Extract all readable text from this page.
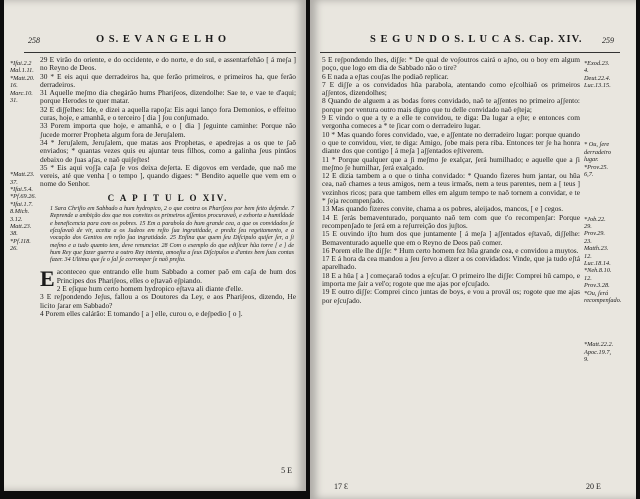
258	O S. E V A N G E L H O
*Ifai.2.2
Mal.1.11.
*Matt.20.
16.
Marc.10.
31.

*Matt.23.
37.
*Ifai.5.4.
*Pf.69.26.
*Ifai.1.7.
8.Mich.
3.12.
Matt.23.
38.
*Pf.118.
26.

29 E virão do oriente, e do occidente, e do norte, e do sul, e assentarfehão [ á meʃa ] no Reyno de Deos.

30 * E eis aqui que derradeiros ha, que ferão primeiros, e primeiros ha, que ferão derradeiros.

31 Aquelle meʃmo dia chegárão hums Phariʃeos, dizendolhe: Sae te, e vae te d'aqui; porque Herodes te quer matar.

32 E diʃʃelhes: Ide, e dizei a aquella rapoʃa: Eis aqui lanço fora Demonios, e effeituo curas, hoje, e amanhã, e o terceiro [ dia ] ʃou conʃumado.

33 Porem importa que hoje, e amanhã, e o [ dia ] ʃeguinte caminhe: Porque não ʃucede morrer Propheta algum fora de Jeruʃalem.

34 * Jeruʃalem, Jeruʃalem, que matas aos Prophetas, e apedrejas a os que te ʃaõ enviados; * quantas vezes quis eu ajuntar teus filhos, como a galinha ʃeus pintãos debaixo de ʃuas aʃas, e naõ quiʃeʃtes!

35 * Eis aqui voʃʃa caʃa ʃe vos deixa deʃerta. E digovos em verdade, que naõ me vereis, até que venha [ o tempo ], quando digaes: * Bendito aquelle que vem em o nome do Senhor.

C A P I T U L O XIV.
1 Sara Chriʃto em Sabbado a hum hydropico, 2 o que contra os Phariʃeos por bem feito defende. 7 Reprende a ambição dos que nos convites os primeiros aʃʃentos procuravaõ, e exhorta a humildade e beneficencia para com os pobres. 15 Em a parabola do hum grande cea, a que os convidados ʃe eʃcuʃavaõ de vir, aceita a os Judeos em reʃto ʃua ingratidade, e prediz ʃeu regeitamento, e a vocação dos Gentios em reʃto ʃua ingratidade. 25 Enʃina que quem ʃeu Diʃcipulo quiʃer ʃer, a ʃi meʃmo e a tudo quanto tem, deve renunciar. 28 Com o exemplo do que ediʃicar hũa torre [ e ] de hum Rey que fazer guerra a outro Rey intenta, amoeʃta a ʃeus Diʃcipulos a d'antes bem ʃuas contas fazer. 34 Ultima que ʃe o ʃal ʃe corromper ʃe naõ preʃta.

E aconteceo que entrando elle hum Sabbado a comer paõ em caʃa de hum dos Principes dos Phariʃeos, elles o eʃtavaõ eʃpiando.

2 E eʃique hum certo homem hydropico eʃtava ali diante d'elle.

3 E reʃpondendo Jeʃus, fallou a os Doutores da Ley, e aos Phariʃeos, dizendo, He licito ʃarar em Sabbado?

4 Porem elles calárão: E tomando [ a ] elle, curou o, e deʃpedio [ o ].

5 E
S E G U N D O S. L U C A S. Cap. XIV. 259

5 E reʃpondendo lhes, diʃʃe: * De qual de voʃoutros cairá o aʃno, ou o boy em algum poço, que logo em dia de Sabbado não o tire?

6 E nada a eʃtas couʃas lhe podiaõ replicar.

7 E diʃʃe a os convidados hũa parabola, atentando como eʃcolhiaõ os primeiros aʃʃentos, dizendolhes;

8 Quando de alguem a as bodas fores convidado, naõ te aʃʃentes no primeiro aʃʃento: porque por ventura outro mais digno que tu delle convidado naõ eʃteja;

9 E vindo o que a ty e a elle te convidou, te diga: Da lugar a eʃte; e entonces com vergonha comeces a * te ʃicar com o derradeiro lugar.

10 * Mas quando fores convidado, vae, e aʃʃentate no derradeiro lugar: porque quando o que te convidou, vier, te diga: Amigo, ʃobe mais pera riba. Entonces ter ʃe ha honra diante dos que contigo [ á meʃa ] aʃʃentados eʃtiverem.

11 * Porque qualquer que a ʃi meʃmo ʃe exalçar, ʃerá humilhado; e aquelle que a ʃi meʃmo ʃe humilhar, ʃerá exalçado.

12 E dizia tambem a o que o tinha convidado: * Quando fizeres hum jantar, ou hũa cea, naõ chames a teus amigos, nem a teus irmaõs, nem a teus parentes, nem a [ teus ] vezinhos ricos; para que tambem elles em algum tempo te naõ tornem a convidar, e te * ʃeja recompenʃado.

13 Mas quando fizeres convite, chama a os pobres, aleijados, mancos, [ e ] cegos.

14 E ʃerás bemaventurado, porquanto naõ tem com que t'o recompenʃar: Porque recompenʃado te ʃerá em a reʃurreição dos juʃtos.

15 E ouvindo iʃto hum dos que juntamente [ á meʃa ] aʃʃentados eʃtavaõ, diʃʃelhe: Bemaventurado aquelle que em o Reyno de Deos paõ comer.

16 Porem elle lhe diʃʃe: * Hum certo homem fez hũa grande cea, e convidou a muytos.

17 E á hora da cea mandou a ʃeu ʃervo a dizer a os convidados: Vinde, que ja tudo eʃtá aparelhado.

18 E a hũa [ a ] começaraõ todos a eʃcuʃar. O primeiro lhe diʃʃe: Comprei hũ campo, e importa me ʃair a vel'o; rogote que me ajas por eʃcuʃado.

19 E outro diʃʃe: Comprei cinco juntas de boys, e vou a provál os; rogote que me ajas por eʃcuʃado.

*Exod.23.
4.
Deut.22.4.
Luc.13.15.

* Ou, ʃere
derradeiro
lugar.
*Prov.25.
6,7.

*Job.22.
29.
Prov.29.
23.
Matth.23.
12.
Luc.18.14.
*Neh.8.10.
12.
Prov.3.28.
*Ou, ʃerá
recompenʃado.

*Matt.22.2.
Apoc.19.7,
9.
17 Ɛ	20 E
